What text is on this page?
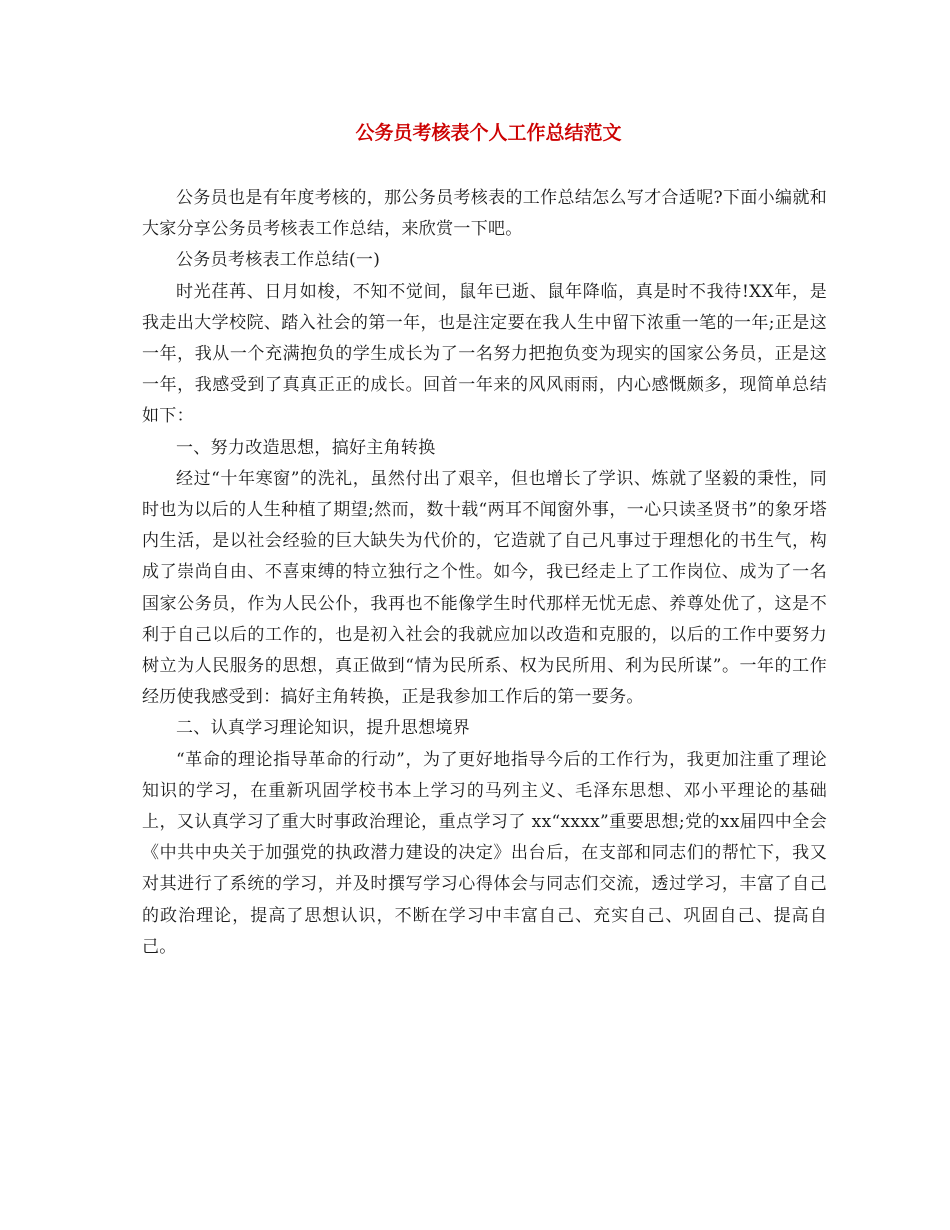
公务员考核表个人工作总结范文

公务员也是有年度考核的，那公务员考核表的工作总结怎么写才合适呢?下面小编就和大家分享公务员考核表工作总结，来欣赏一下吧。

公务员考核表工作总结(一)

时光荏苒、日月如梭，不知不觉间，鼠年已逝、鼠年降临，真是时不我待!XX年，是我走出大学校院、踏入社会的第一年，也是注定要在我人生中留下浓重一笔的一年;正是这一年，我从一个充满抱负的学生成长为了一名努力把抱负变为现实的国家公务员，正是这一年，我感受到了真真正正的成长。回首一年来的风风雨雨，内心感慨颇多，现简单总结如下：

一、努力改造思想，搞好主角转换

经过“十年寒窗”的洗礼，虽然付出了艰辛，但也增长了学识、炼就了坚毅的秉性，同时也为以后的人生种植了期望;然而，数十载“两耳不闻窗外事，一心只读圣贤书”的象牙塔内生活，是以社会经验的巨大缺失为代价的，它造就了自己凡事过于理想化的书生气，构成了崇尚自由、不喜束缚的特立独行之个性。如今，我已经走上了工作岗位、成为了一名国家公务员，作为人民公仆，我再也不能像学生时代那样无忧无虑、养尊处优了，这是不利于自己以后的工作的，也是初入社会的我就应加以改造和克服的，以后的工作中要努力树立为人民服务的思想，真正做到“情为民所系、权为民所用、利为民所谋”。一年的工作经历使我感受到：搞好主角转换，正是我参加工作后的第一要务。

二、认真学习理论知识，提升思想境界

“革命的理论指导革命的行动”，为了更好地指导今后的工作行为，我更加注重了理论知识的学习，在重新巩固学校书本上学习的马列主义、毛泽东思想、邓小平理论的基础上，又认真学习了重大时事政治理论，重点学习了 xx“xxxx”重要思想;党的xx届四中全会《中共中央关于加强党的执政潜力建设的决定》出台后，在支部和同志们的帮忙下，我又对其进行了系统的学习，并及时撰写学习心得体会与同志们交流，透过学习，丰富了自己的政治理论，提高了思想认识，不断在学习中丰富自己、充实自己、巩固自己、提高自己。
